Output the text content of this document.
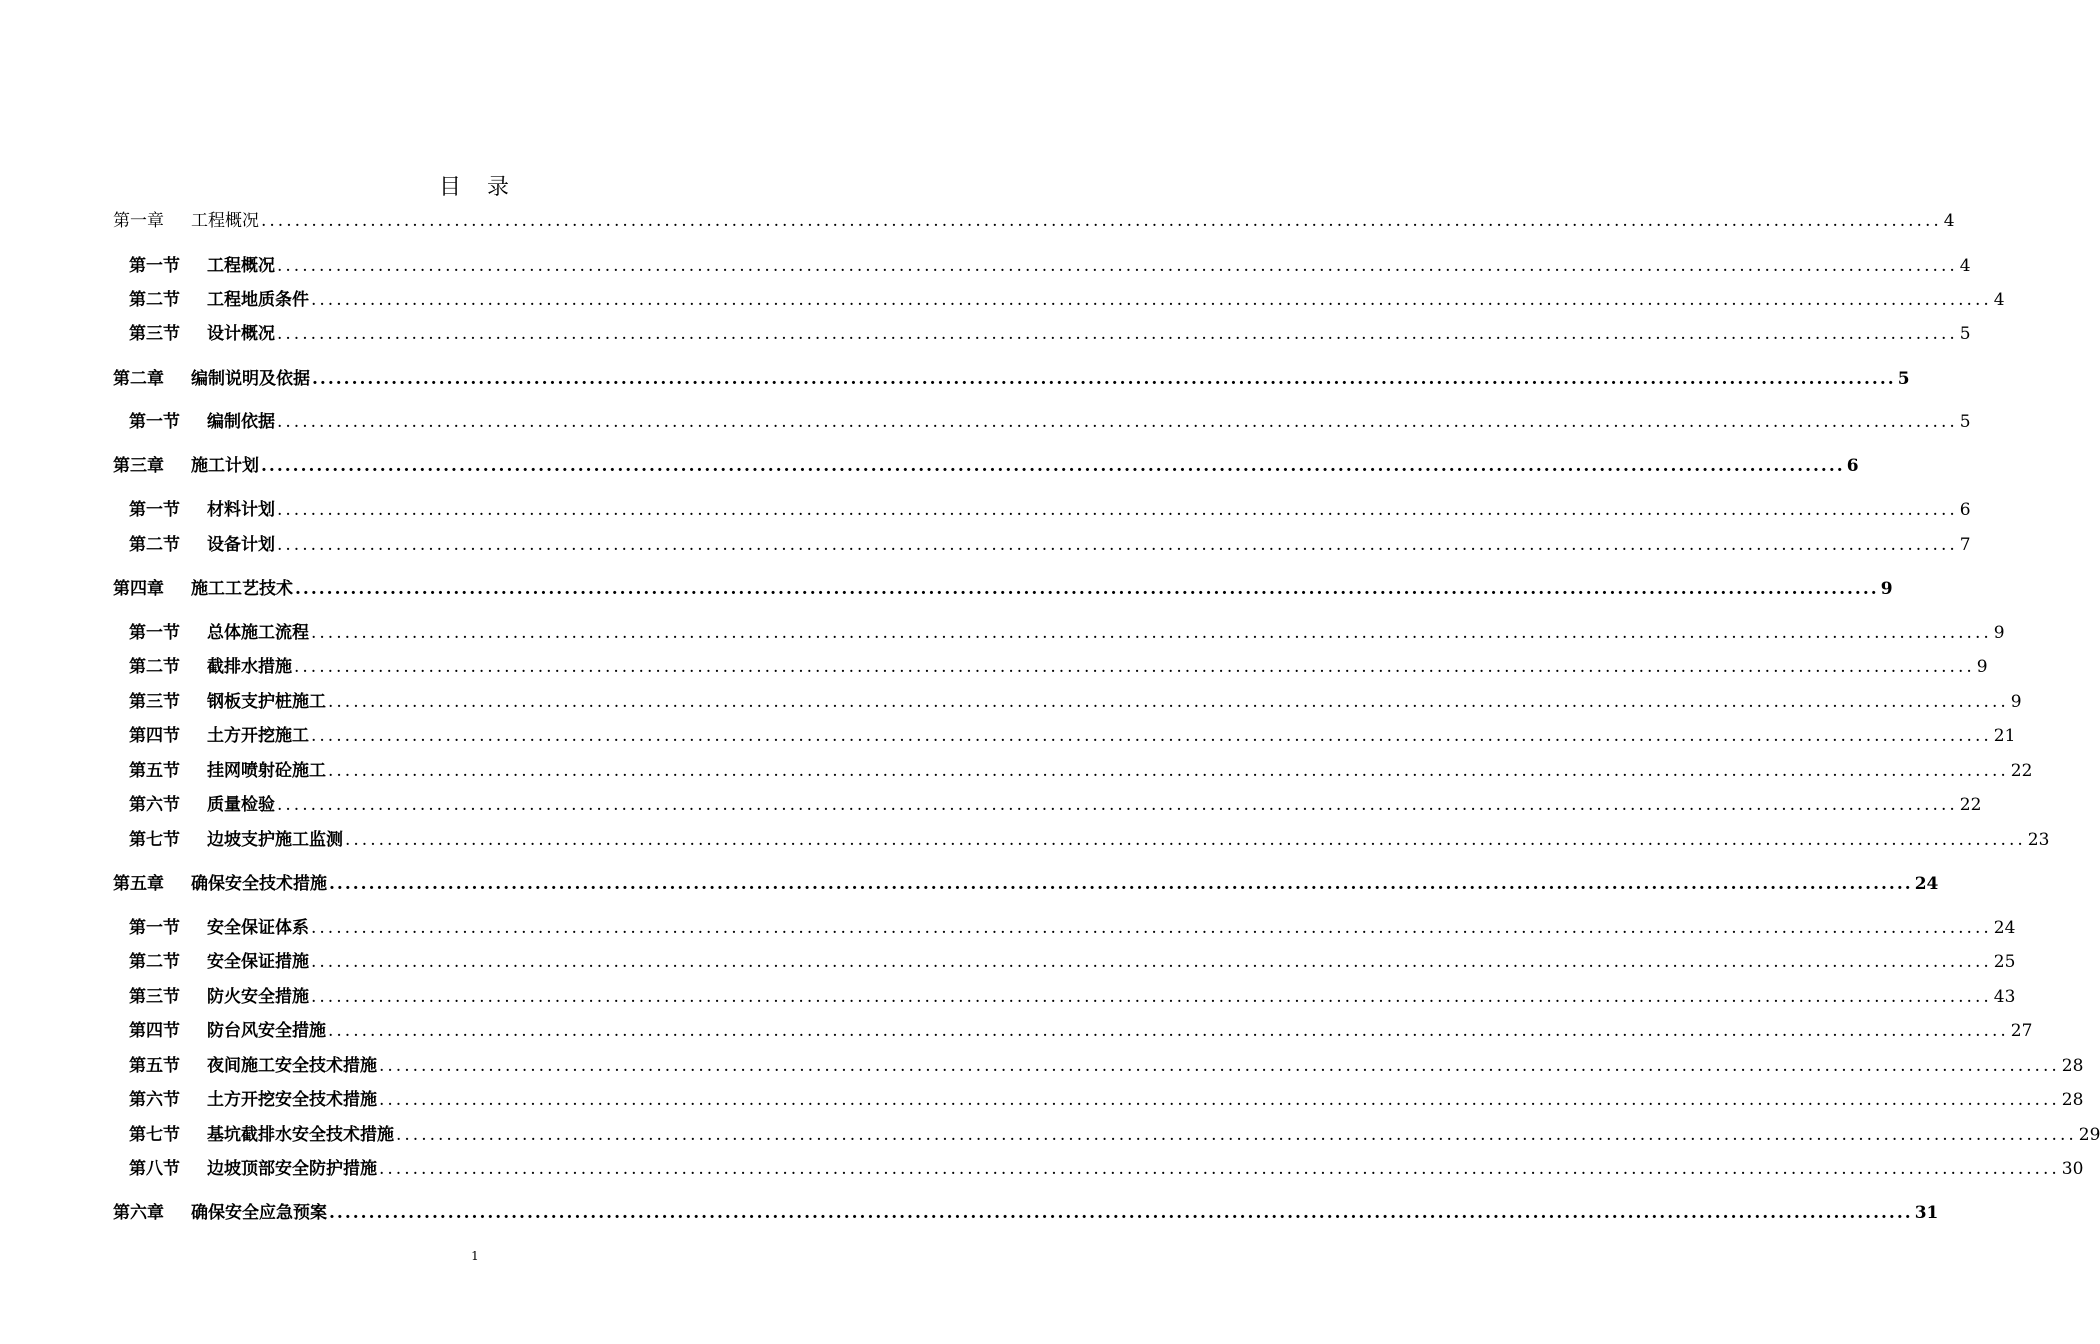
目　录
第一章	工程概况 ........................................................................................................................................................................................................ 4
第一节	工程概况 ........................................................................................................................................................................................................ 4
第二节	工程地质条件 ........................................................................................................................................................................................................ 4
第三节	设计概况 ........................................................................................................................................................................................................ 5
第二章	编制说明及依据 ........................................................................................................................................................................................................ 5
第一节	编制依据 ........................................................................................................................................................................................................ 5
第三章	施工计划 ........................................................................................................................................................................................................ 6
第一节	材料计划 ........................................................................................................................................................................................................ 6
第二节	设备计划 ........................................................................................................................................................................................................ 7
第四章	施工工艺技术 ........................................................................................................................................................................................................ 9
第一节	总体施工流程 ........................................................................................................................................................................................................ 9
第二节	截排水措施 ........................................................................................................................................................................................................ 9
第三节	钢板支护桩施工 ........................................................................................................................................................................................................ 9
第四节	土方开挖施工 ........................................................................................................................................................................................................ 21
第五节	挂网喷射砼施工 ........................................................................................................................................................................................................ 22
第六节	质量检验 ........................................................................................................................................................................................................ 22
第七节	边坡支护施工监测 ........................................................................................................................................................................................................ 23
第五章	确保安全技术措施 ........................................................................................................................................................................................................ 24
第一节	安全保证体系 ........................................................................................................................................................................................................ 24
第二节	安全保证措施 ........................................................................................................................................................................................................ 25
第三节	防火安全措施 ........................................................................................................................................................................................................ 43
第四节	防台风安全措施 ........................................................................................................................................................................................................ 27
第五节	夜间施工安全技术措施 ........................................................................................................................................................................................................ 28
第六节	土方开挖安全技术措施 ........................................................................................................................................................................................................ 28
第七节	基坑截排水安全技术措施 ........................................................................................................................................................................................................ 29
第八节	边坡顶部安全防护措施 ........................................................................................................................................................................................................ 30
第六章	确保安全应急预案 ........................................................................................................................................................................................................ 31
1
